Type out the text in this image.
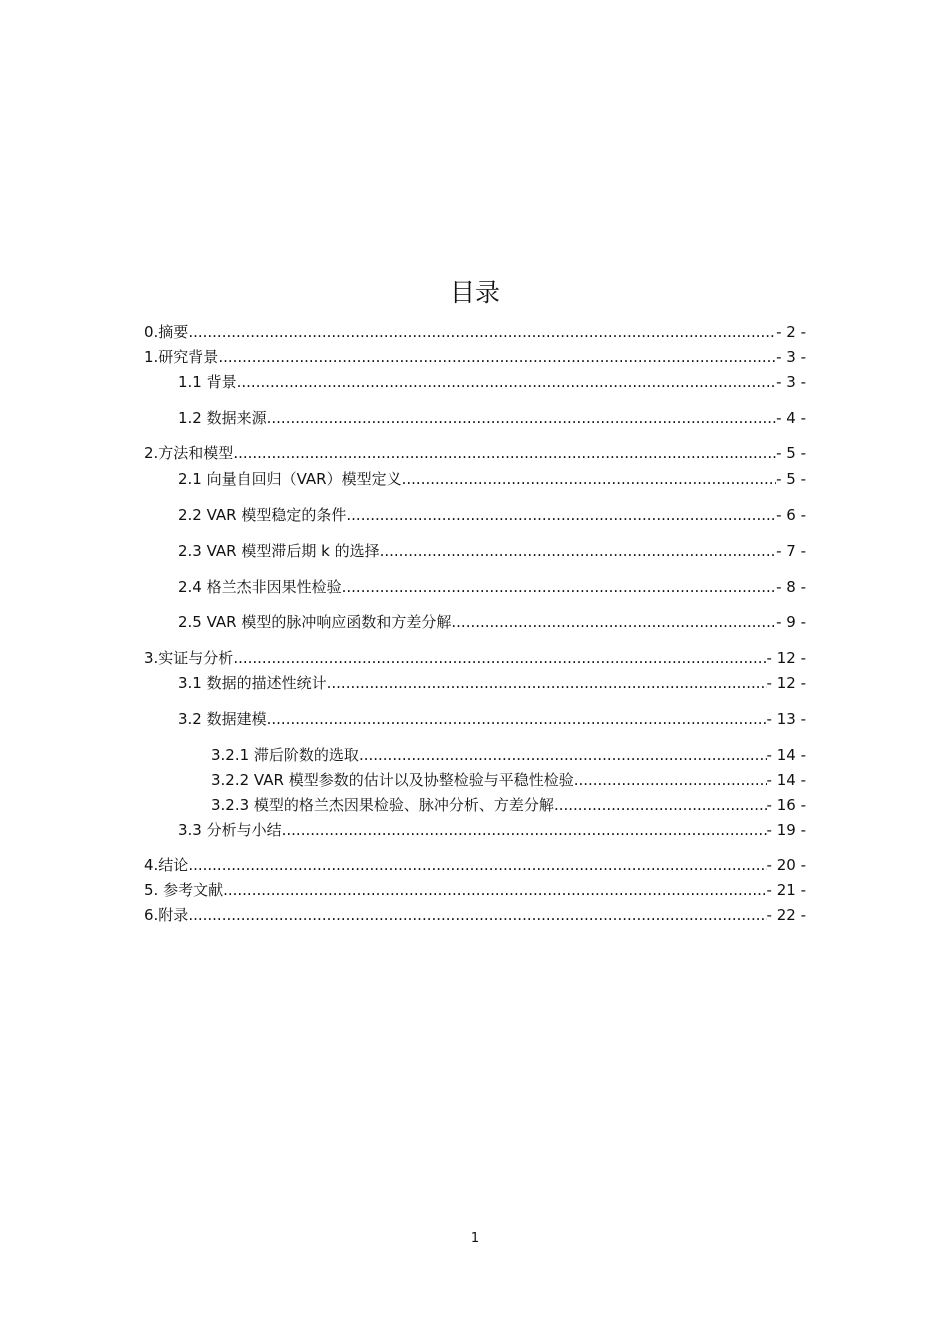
目录
0.摘要 .....	- 2 -
1.研究背景 .....	- 3 -
1.1 背景 .....	- 3 -
1.2 数据来源 .....	- 4 -
2.方法和模型 .....	- 5 -
2.1 向量自回归（VAR）模型定义 .....	- 5 -
2.2 VAR 模型稳定的条件 .....	- 6 -
2.3 VAR 模型滞后期 k 的选择 .....	- 7 -
2.4 格兰杰非因果性检验 .....	- 8 -
2.5 VAR 模型的脉冲响应函数和方差分解 .....	- 9 -
3.实证与分析 .....	- 12 -
3.1 数据的描述性统计 .....	- 12 -
3.2 数据建模 .....	- 13 -
3.2.1 滞后阶数的选取 .....	- 14 -
3.2.2 VAR 模型参数的估计以及协整检验与平稳性检验 .....	- 14 -
3.2.3 模型的格兰杰因果检验、脉冲分析、方差分解 .....	- 16 -
3.3 分析与小结 .....	- 19 -
4.结论 .....	- 20 -
5. 参考文献 .....	- 21 -
6.附录 .....	- 22 -
1
